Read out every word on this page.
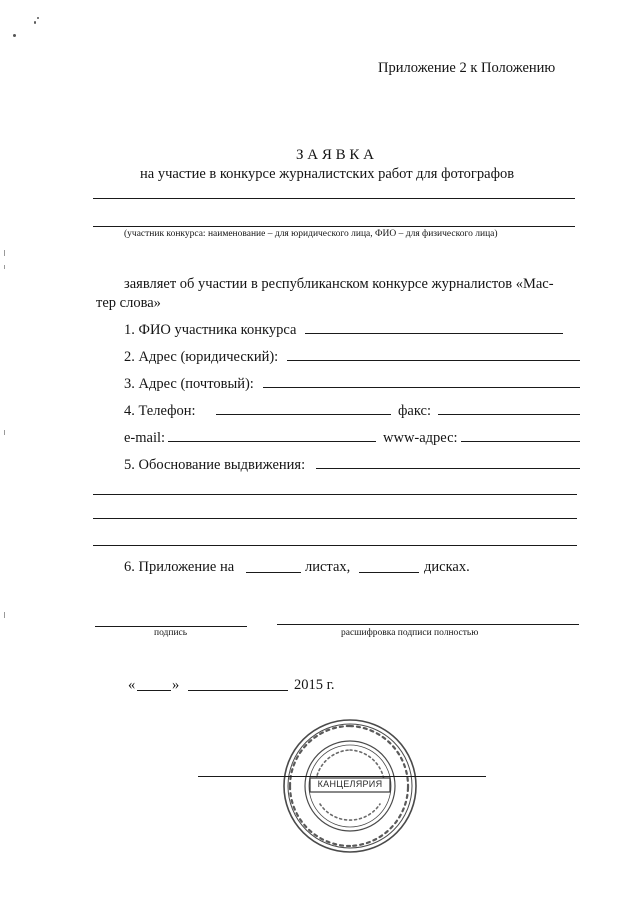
Приложение 2 к Положению
З А Я В К А
на участие в конкурсе журналистских работ для фотографов
(участник конкурса: наименование – для юридического лица, ФИО – для физического лица)
заявляет об участии в республиканском конкурсе журналистов «Мас-
тер слова»
1. ФИО участника конкурса
2. Адрес (юридический):
3. Адрес (почтовый):
4. Телефон:	факс:
e-mail:	www-адрес:
5. Обоснование выдвижения:
6. Приложение на	листах,	дисках.
подпись	расшифровка подписи полностью
«	»	2015 г.
КАНЦЕЛЯРИЯ
